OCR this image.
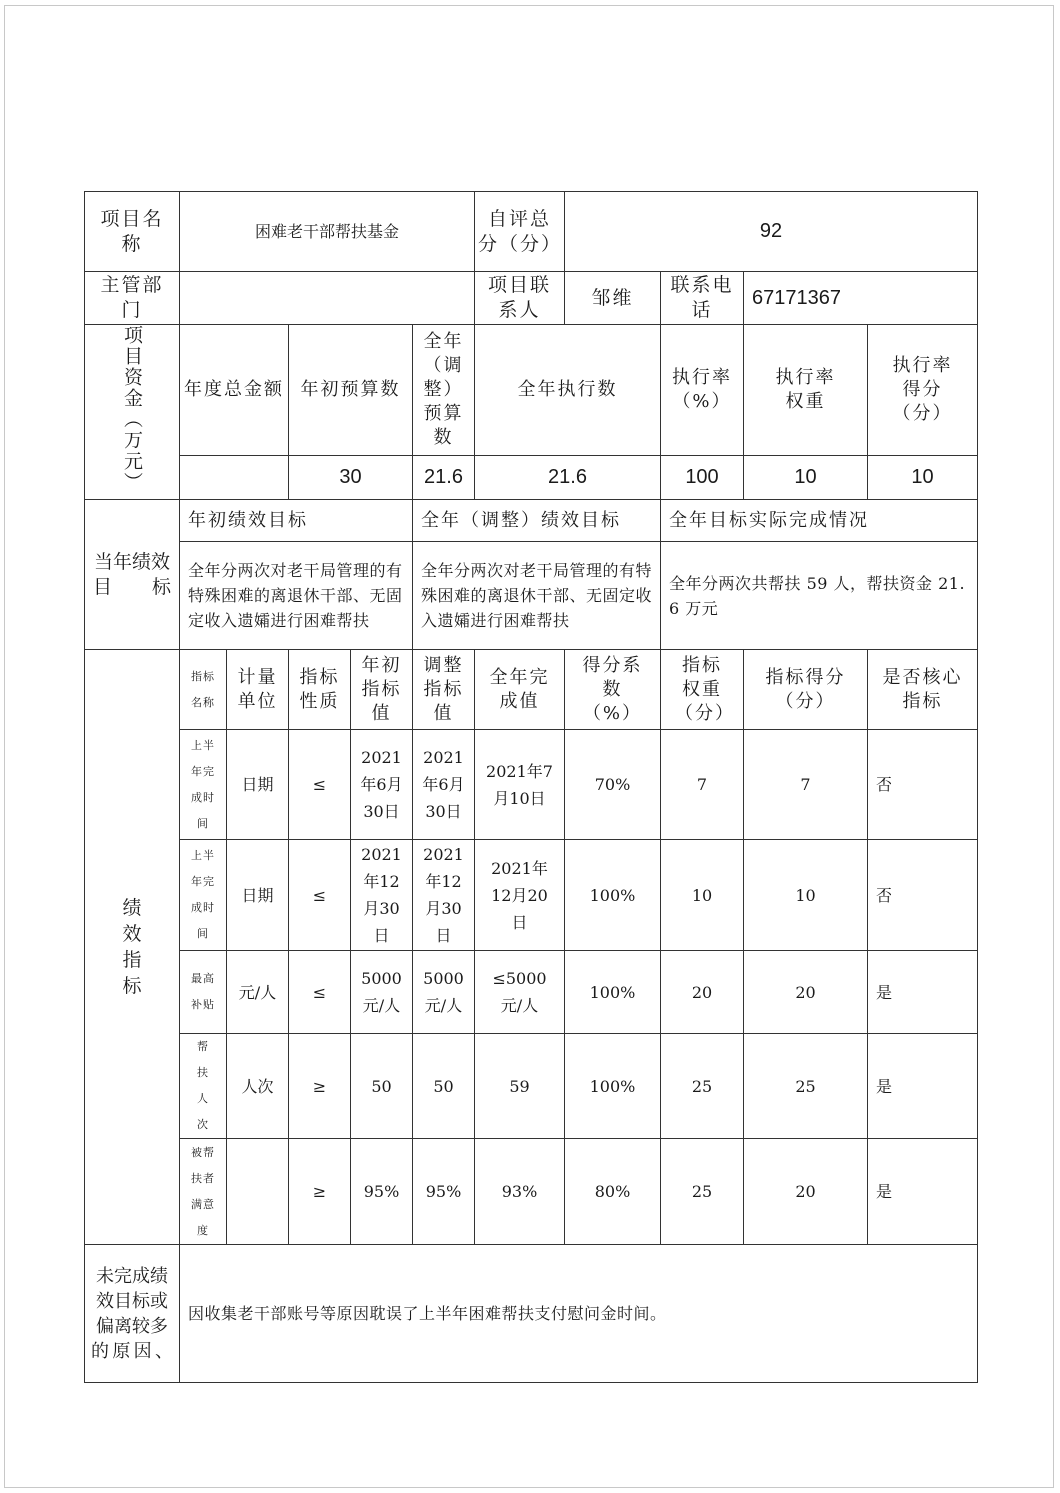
项目名称	困难老干部帮扶基金					自评总分（分）	92			
主管部门						项目联系人	邹维	联系电话	67171367	
项目资金（万元）	年度总金额		年初预算数		全年（调整）预算数	全年执行数		执行率（%）	执行率权重	执行率得分（分）
			30		21.6	21.6		100	10	10
当年绩效目标	年初绩效目标				全年（调整）绩效目标			全年目标实际完成情况		
	全年分两次对老干局管理的有特殊困难的离退休干部、无固定收入遗孀进行困难帮扶				全年分两次对老干局管理的有特殊困难的离退休干部、无固定收入遗孀进行困难帮扶			全年分两次共帮扶 59 人，帮扶资金 21.6 万元		
绩效指标	指标名称	计量单位	指标性质	年初指标值	调整指标值	全年完成值	得分系数（%）	指标权重（分）	指标得分（分）	是否核心指标
	上半年完成时间	日期	≤	2021年6月30日	2021年6月30日	2021年7月10日	70%	7	7	否
	上半年完成时间	日期	≤	2021年12月30日	2021年12月30日	2021年12月20日	100%	10	10	否
	最高补贴	元/人	≤	5000元/人	5000元/人	≤5000元/人	100%	20	20	是
	帮扶人次	人次	≥	50	50	59	100%	25	25	是
	被帮扶者满意度		≥	95%	95%	93%	80%	25	20	是
未完成绩效目标或偏离较多的原因、	因收集老干部账号等原因耽误了上半年困难帮扶支付慰问金时间。									
